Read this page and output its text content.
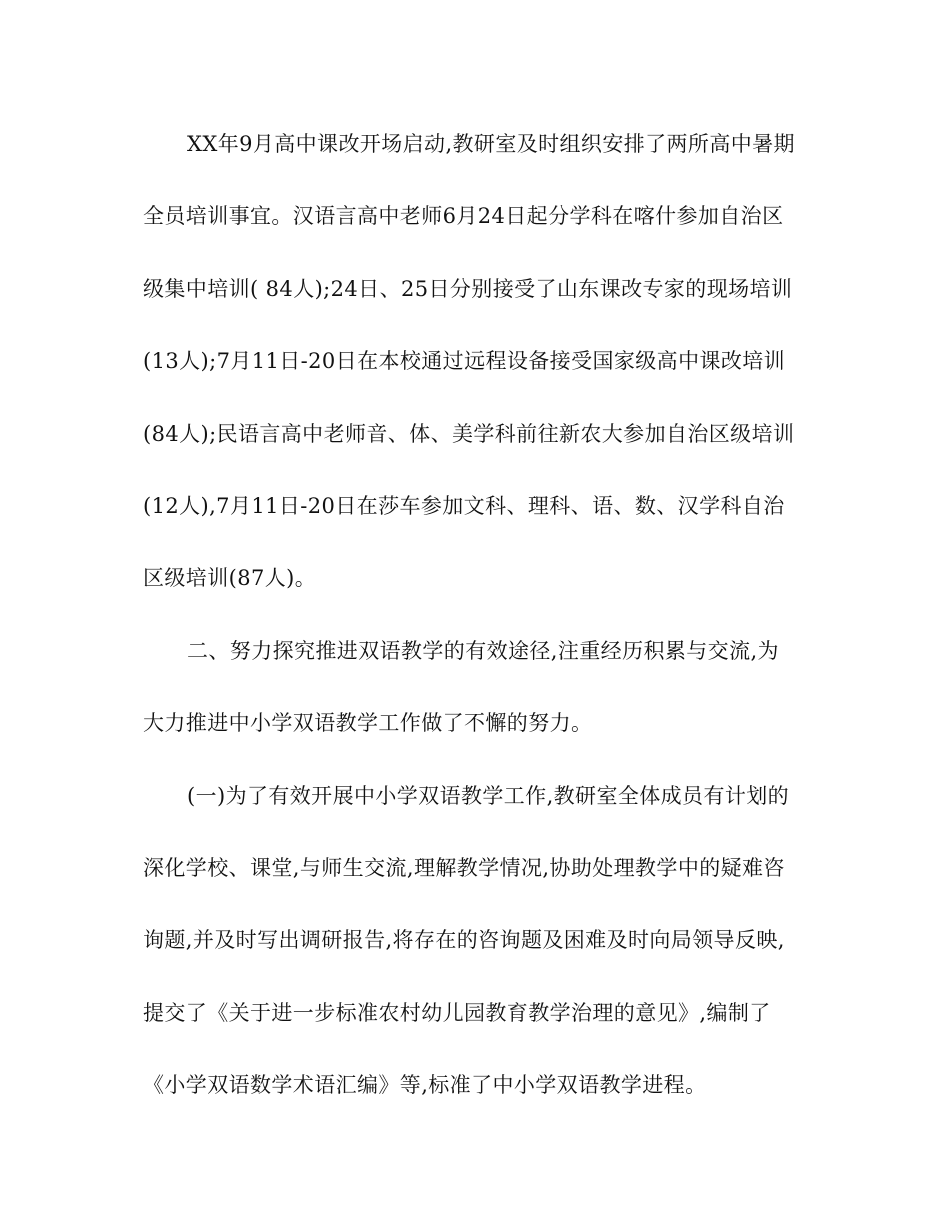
XX年9月高中课改开场启动,教研室及时组织安排了两所高中暑期
全员培训事宜。汉语言高中老师6月24日起分学科在喀什参加自治区
级集中培训( 84人);24日、25日分别接受了山东课改专家的现场培训
(13人);7月11日-20日在本校通过远程设备接受国家级高中课改培训
(84人);民语言高中老师音、体、美学科前往新农大参加自治区级培训
(12人),7月11日-20日在莎车参加文科、理科、语、数、汉学科自治
区级培训(87人)。
二、努力探究推进双语教学的有效途径,注重经历积累与交流,为
大力推进中小学双语教学工作做了不懈的努力。
(一)为了有效开展中小学双语教学工作,教研室全体成员有计划的
深化学校、课堂,与师生交流,理解教学情况,协助处理教学中的疑难咨
询题,并及时写出调研报告,将存在的咨询题及困难及时向局领导反映,
提交了《关于进一步标准农村幼儿园教育教学治理的意见》,编制了
《小学双语数学术语汇编》等,标准了中小学双语教学进程。
